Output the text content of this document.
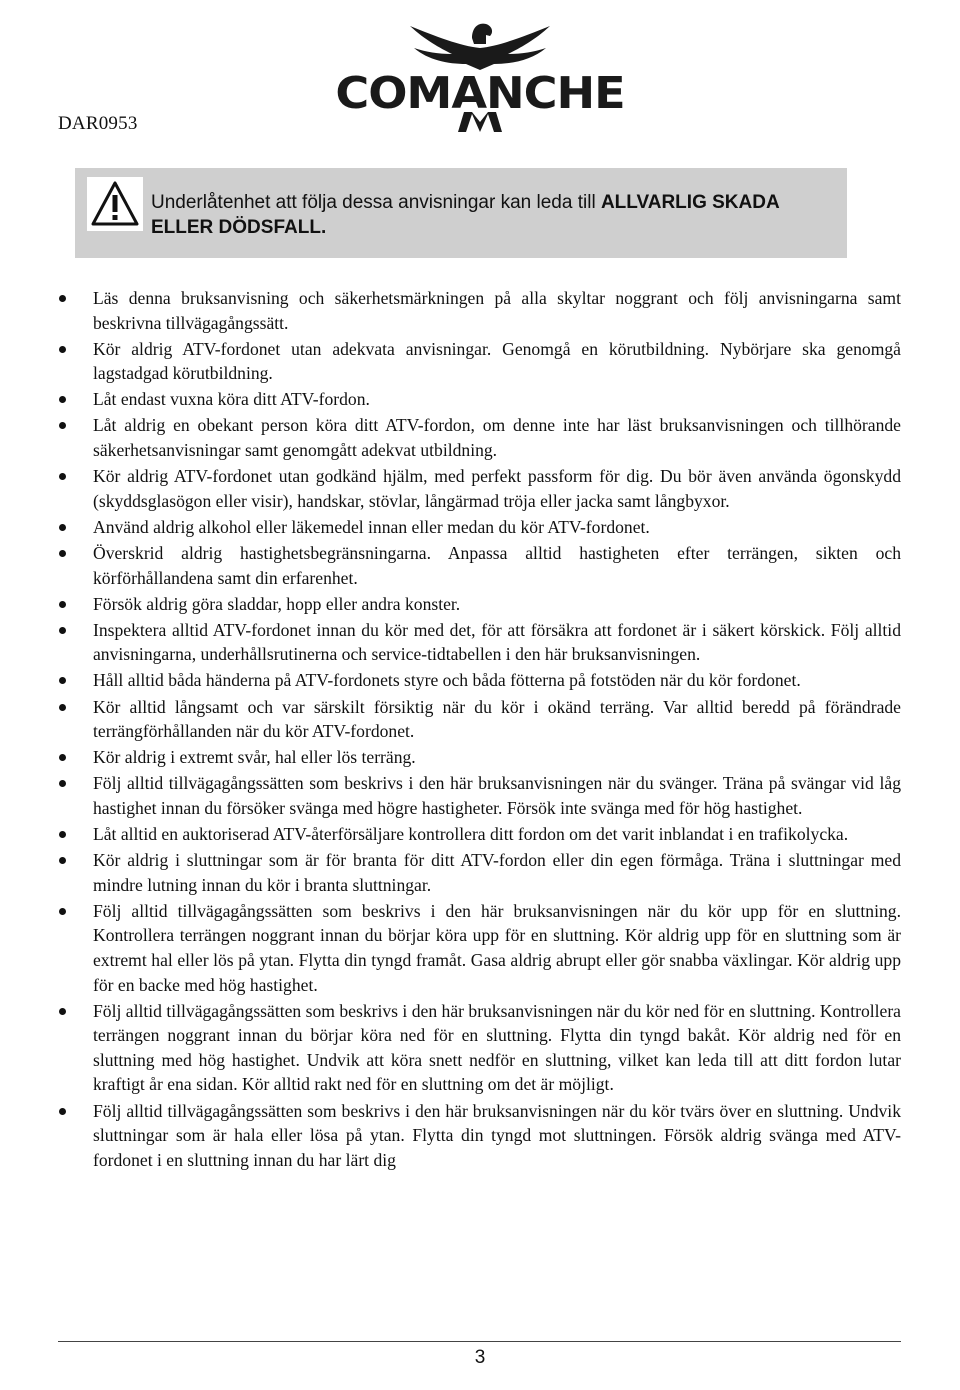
DAR0953
COMANCHE
Underlåtenhet att följa dessa anvisningar kan leda till ALLVARLIG SKADA ELLER DÖDSFALL.
Läs denna bruksanvisning och säkerhetsmärkningen på alla skyltar noggrant och följ anvisningarna samt beskrivna tillvägagångssätt.
Kör aldrig ATV-fordonet utan adekvata anvisningar. Genomgå en körutbildning. Nybörjare ska genomgå lagstadgad körutbildning.
Låt endast vuxna köra ditt ATV-fordon.
Låt aldrig en obekant person köra ditt ATV-fordon, om denne inte har läst bruksanvisningen och tillhörande säkerhetsanvisningar samt genomgått adekvat utbildning.
Kör aldrig ATV-fordonet utan godkänd hjälm, med perfekt passform för dig. Du bör även använda ögonskydd (skyddsglasögon eller visir), handskar, stövlar, långärmad tröja eller jacka samt långbyxor.
Använd aldrig alkohol eller läkemedel innan eller medan du kör ATV-fordonet.
Överskrid aldrig hastighetsbegränsningarna. Anpassa alltid hastigheten efter terrängen, sikten och körförhållandena samt din erfarenhet.
Försök aldrig göra sladdar, hopp eller andra konster.
Inspektera alltid ATV-fordonet innan du kör med det, för att försäkra att fordonet är i säkert körskick. Följ alltid anvisningarna, underhållsrutinerna och service-tidtabellen i den här bruksanvisningen.
Håll alltid båda händerna på ATV-fordonets styre och båda fötterna på fotstöden när du kör fordonet.
Kör alltid långsamt och var särskilt försiktig när du kör i okänd terräng. Var alltid beredd på förändrade terrängförhållanden när du kör ATV-fordonet.
Kör aldrig i extremt svår, hal eller lös terräng.
Följ alltid tillvägagångssätten som beskrivs i den här bruksanvisningen när du svänger. Träna på svängar vid låg hastighet innan du försöker svänga med högre hastigheter. Försök inte svänga med för hög hastighet.
Låt alltid en auktoriserad ATV-återförsäljare kontrollera ditt fordon om det varit inblandat i en trafikolycka.
Kör aldrig i sluttningar som är för branta för ditt ATV-fordon eller din egen förmåga. Träna i sluttningar med mindre lutning innan du kör i branta sluttningar.
Följ alltid tillvägagångssätten som beskrivs i den här bruksanvisningen när du kör upp för en sluttning. Kontrollera terrängen noggrant innan du börjar köra upp för en sluttning. Kör aldrig upp för en sluttning som är extremt hal eller lös på ytan. Flytta din tyngd framåt. Gasa aldrig abrupt eller gör snabba växlingar. Kör aldrig upp för en backe med hög hastighet.
Följ alltid tillvägagångssätten som beskrivs i den här bruksanvisningen när du kör ned för en sluttning. Kontrollera terrängen noggrant innan du börjar köra ned för en sluttning. Flytta din tyngd bakåt. Kör aldrig ned för en sluttning med hög hastighet. Undvik att köra snett nedför en sluttning, vilket kan leda till att ditt fordon lutar kraftigt år ena sidan. Kör alltid rakt ned för en sluttning om det är möjligt.
Följ alltid tillvägagångssätten som beskrivs i den här bruksanvisningen när du kör tvärs över en sluttning. Undvik sluttningar som är hala eller lösa på ytan. Flytta din tyngd mot sluttningen. Försök aldrig svänga med ATV-fordonet i en sluttning innan du har lärt dig
3
